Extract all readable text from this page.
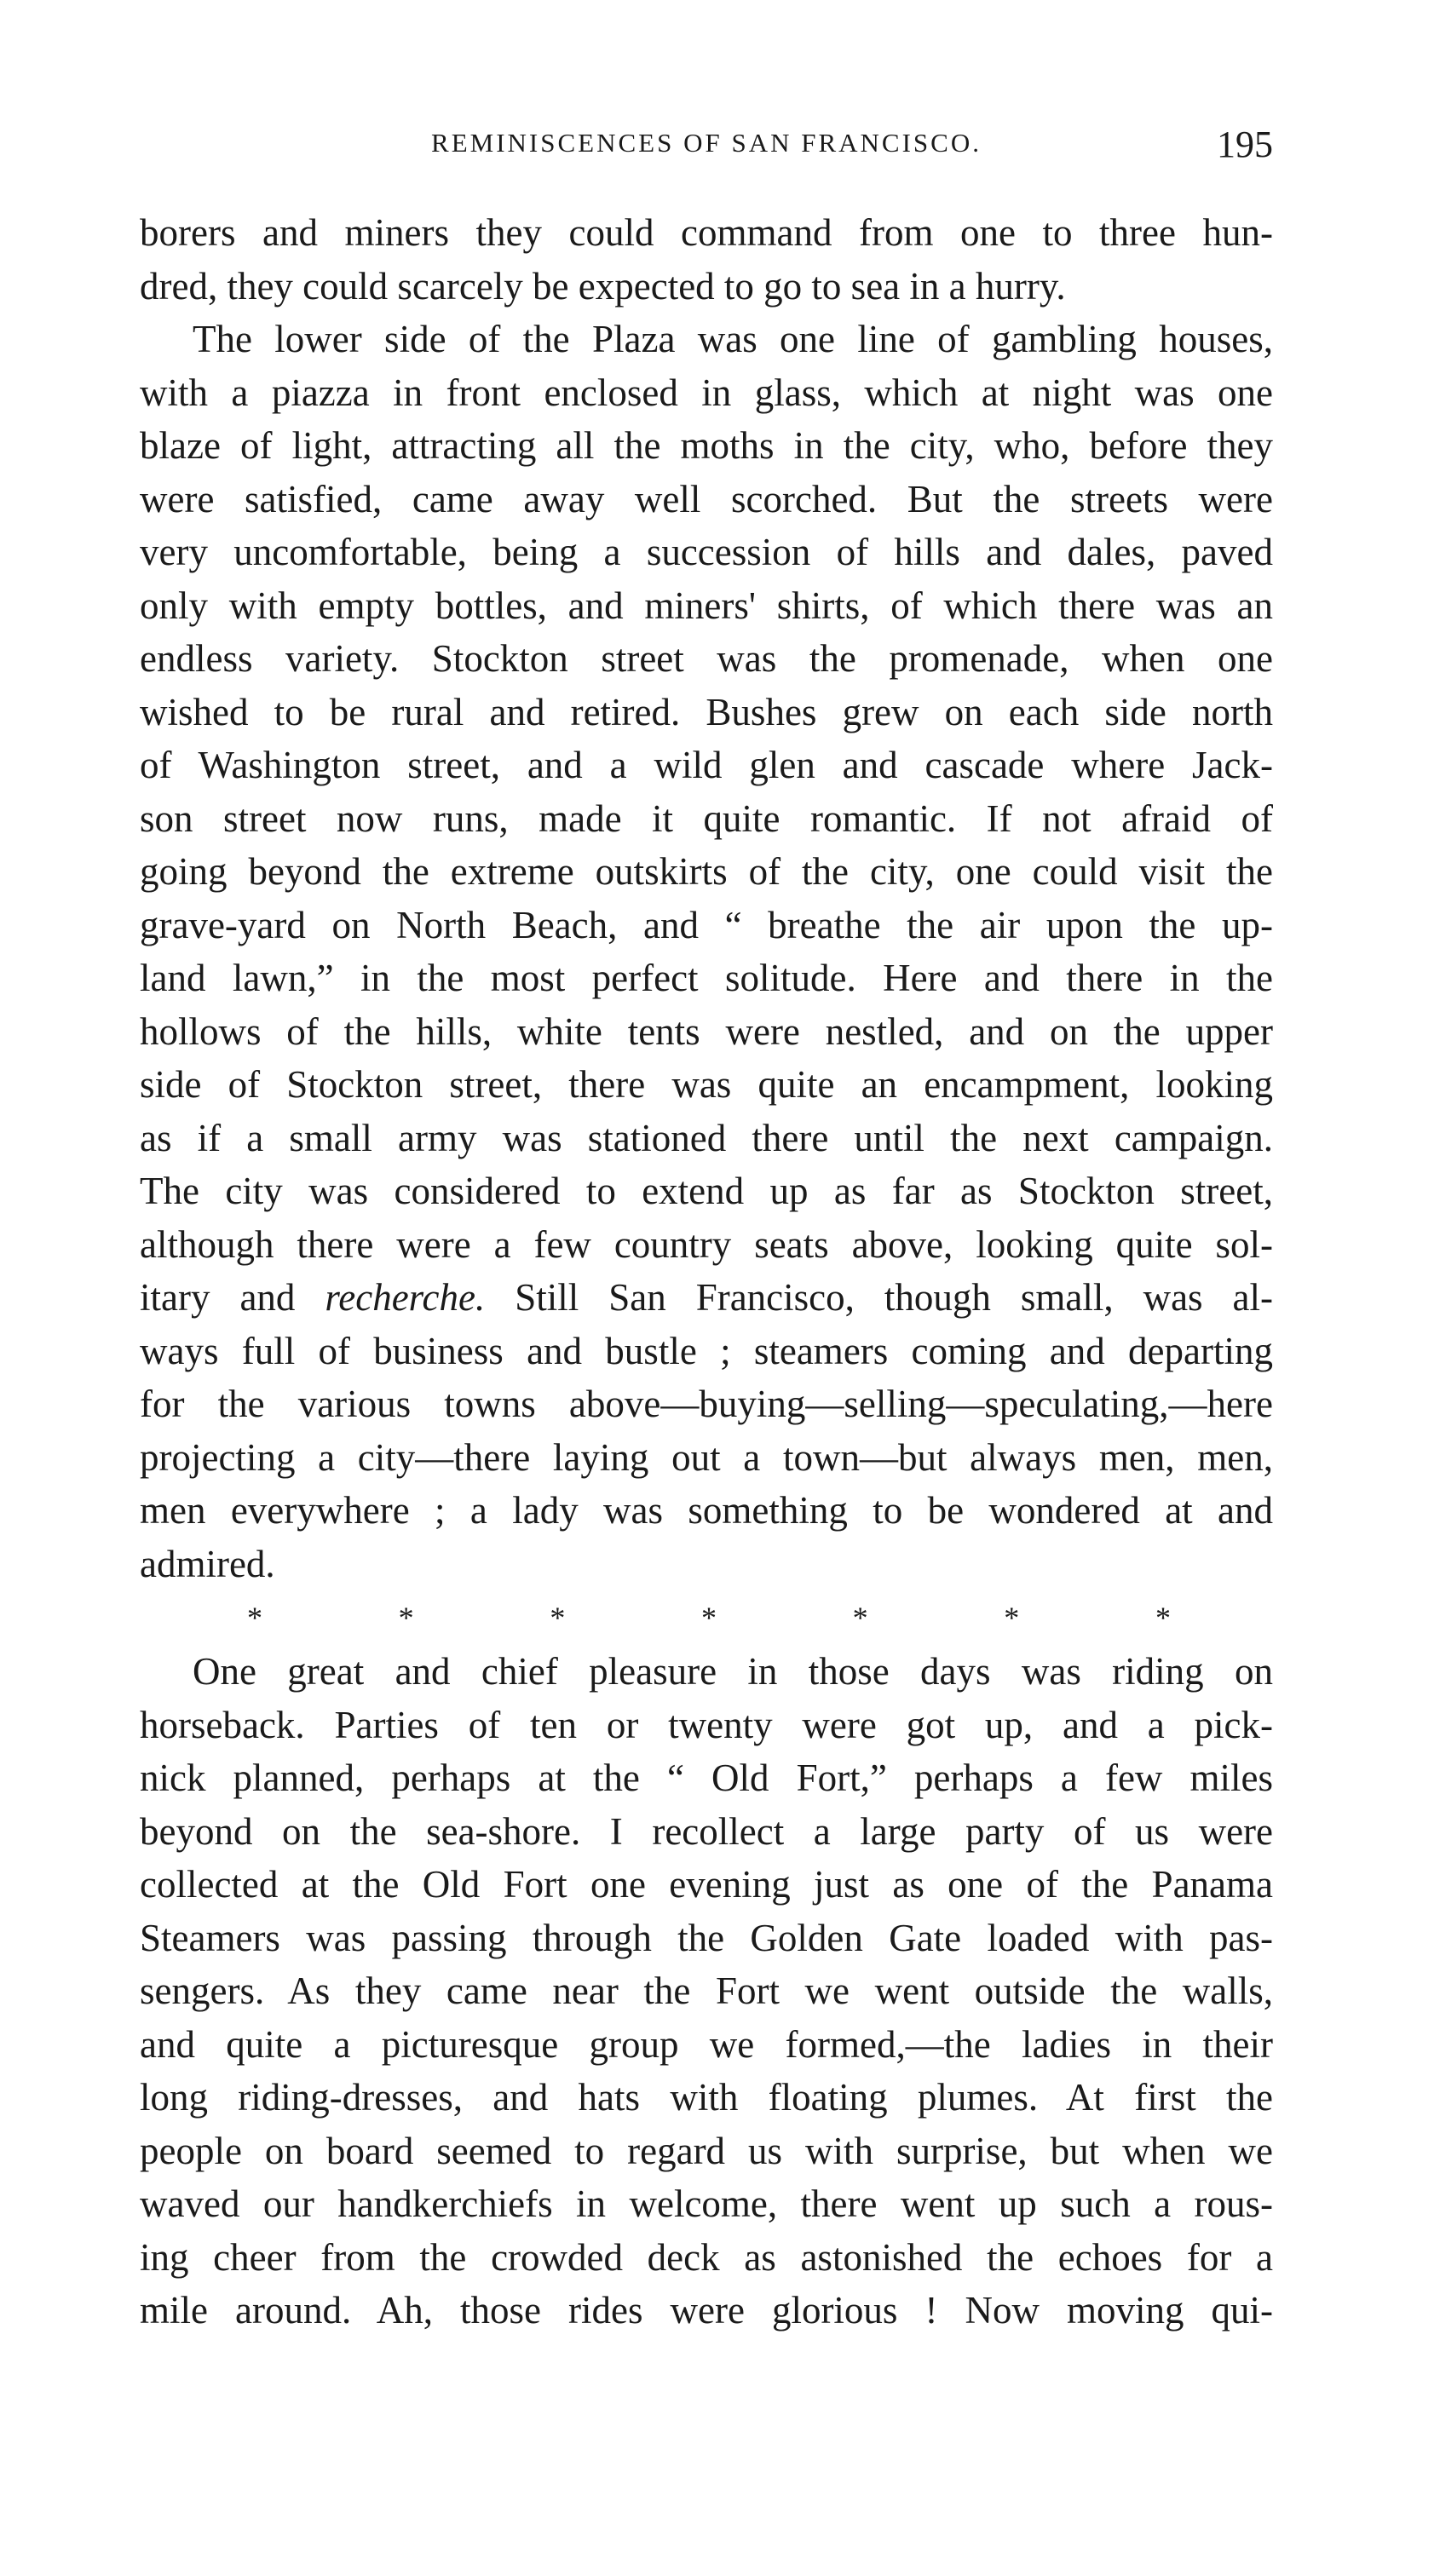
REMINISCENCES OF SAN FRANCISCO.	195

borers and miners they could command from one to three hun-

dred, they could scarcely be expected to go to sea in a hurry.

The lower side of the Plaza was one line of gambling houses,

with a piazza in front enclosed in glass, which at night was one

blaze of light, attracting all the moths in the city, who, before they

were satisfied, came away well scorched. But the streets were

very uncomfortable, being a succession of hills and dales, paved

only with empty bottles, and miners' shirts, of which there was an

endless variety. Stockton street was the promenade, when one

wished to be rural and retired. Bushes grew on each side north

of Washington street, and a wild glen and cascade where Jack-

son street now runs, made it quite romantic. If not afraid of

going beyond the extreme outskirts of the city, one could visit the

grave-yard on North Beach, and “ breathe the air upon the up-

land lawn,” in the most perfect solitude. Here and there in the

hollows of the hills, white tents were nestled, and on the upper

side of Stockton street, there was quite an encampment, looking

as if a small army was stationed there until the next campaign.

The city was considered to extend up as far as Stockton street,

although there were a few country seats above, looking quite sol-

itary and recherche. Still San Francisco, though small, was al-

ways full of business and bustle ; steamers coming and departing

for the various towns above—buying—selling—speculating,—here

projecting a city—there laying out a town—but always men, men,

men everywhere ; a lady was something to be wondered at and

admired.

*	*	*	*	*	*	*

One great and chief pleasure in those days was riding on

horseback. Parties of ten or twenty were got up, and a pick-

nick planned, perhaps at the “ Old Fort,” perhaps a few miles

beyond on the sea-shore. I recollect a large party of us were

collected at the Old Fort one evening just as one of the Panama

Steamers was passing through the Golden Gate loaded with pas-

sengers. As they came near the Fort we went outside the walls,

and quite a picturesque group we formed,—the ladies in their

long riding-dresses, and hats with floating plumes. At first the

people on board seemed to regard us with surprise, but when we

waved our handkerchiefs in welcome, there went up such a rous-

ing cheer from the crowded deck as astonished the echoes for a

mile around. Ah, those rides were glorious ! Now moving qui-
